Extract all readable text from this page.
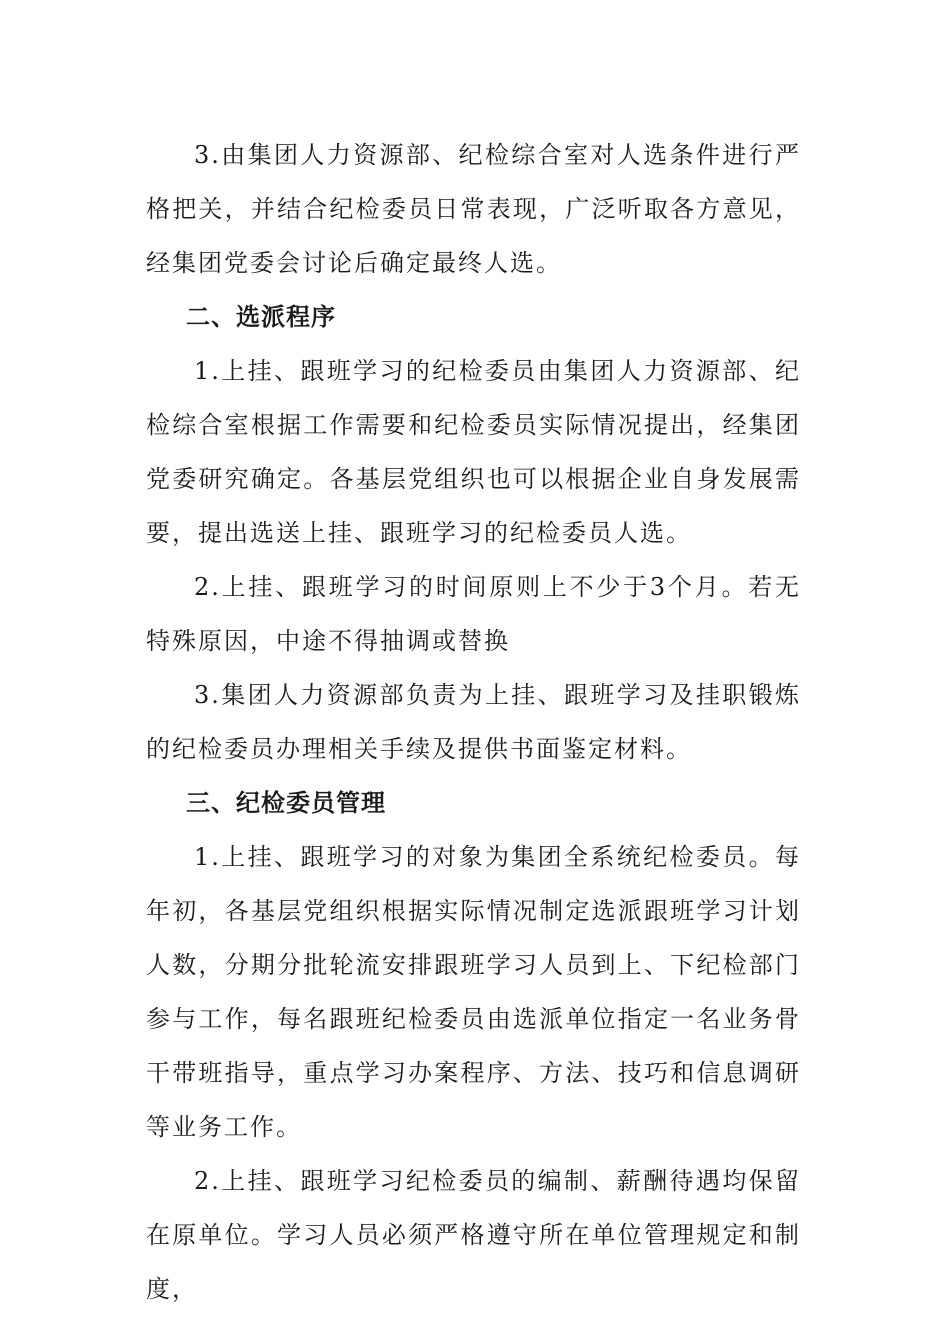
3.由集团人力资源部、纪检综合室对人选条件进行严格把关，并结合纪检委员日常表现，广泛听取各方意见，经集团党委会讨论后确定最终人选。

二、选派程序

1.上挂、跟班学习的纪检委员由集团人力资源部、纪检综合室根据工作需要和纪检委员实际情况提出，经集团党委研究确定。各基层党组织也可以根据企业自身发展需要，提出选送上挂、跟班学习的纪检委员人选。

2.上挂、跟班学习的时间原则上不少于3个月。若无特殊原因，中途不得抽调或替换

3.集团人力资源部负责为上挂、跟班学习及挂职锻炼的纪检委员办理相关手续及提供书面鉴定材料。

三、纪检委员管理

1.上挂、跟班学习的对象为集团全系统纪检委员。每年初，各基层党组织根据实际情况制定选派跟班学习计划人数，分期分批轮流安排跟班学习人员到上、下纪检部门参与工作，每名跟班纪检委员由选派单位指定一名业务骨干带班指导，重点学习办案程序、方法、技巧和信息调研等业务工作。

2.上挂、跟班学习纪检委员的编制、薪酬待遇均保留在原单位。学习人员必须严格遵守所在单位管理规定和制度，
